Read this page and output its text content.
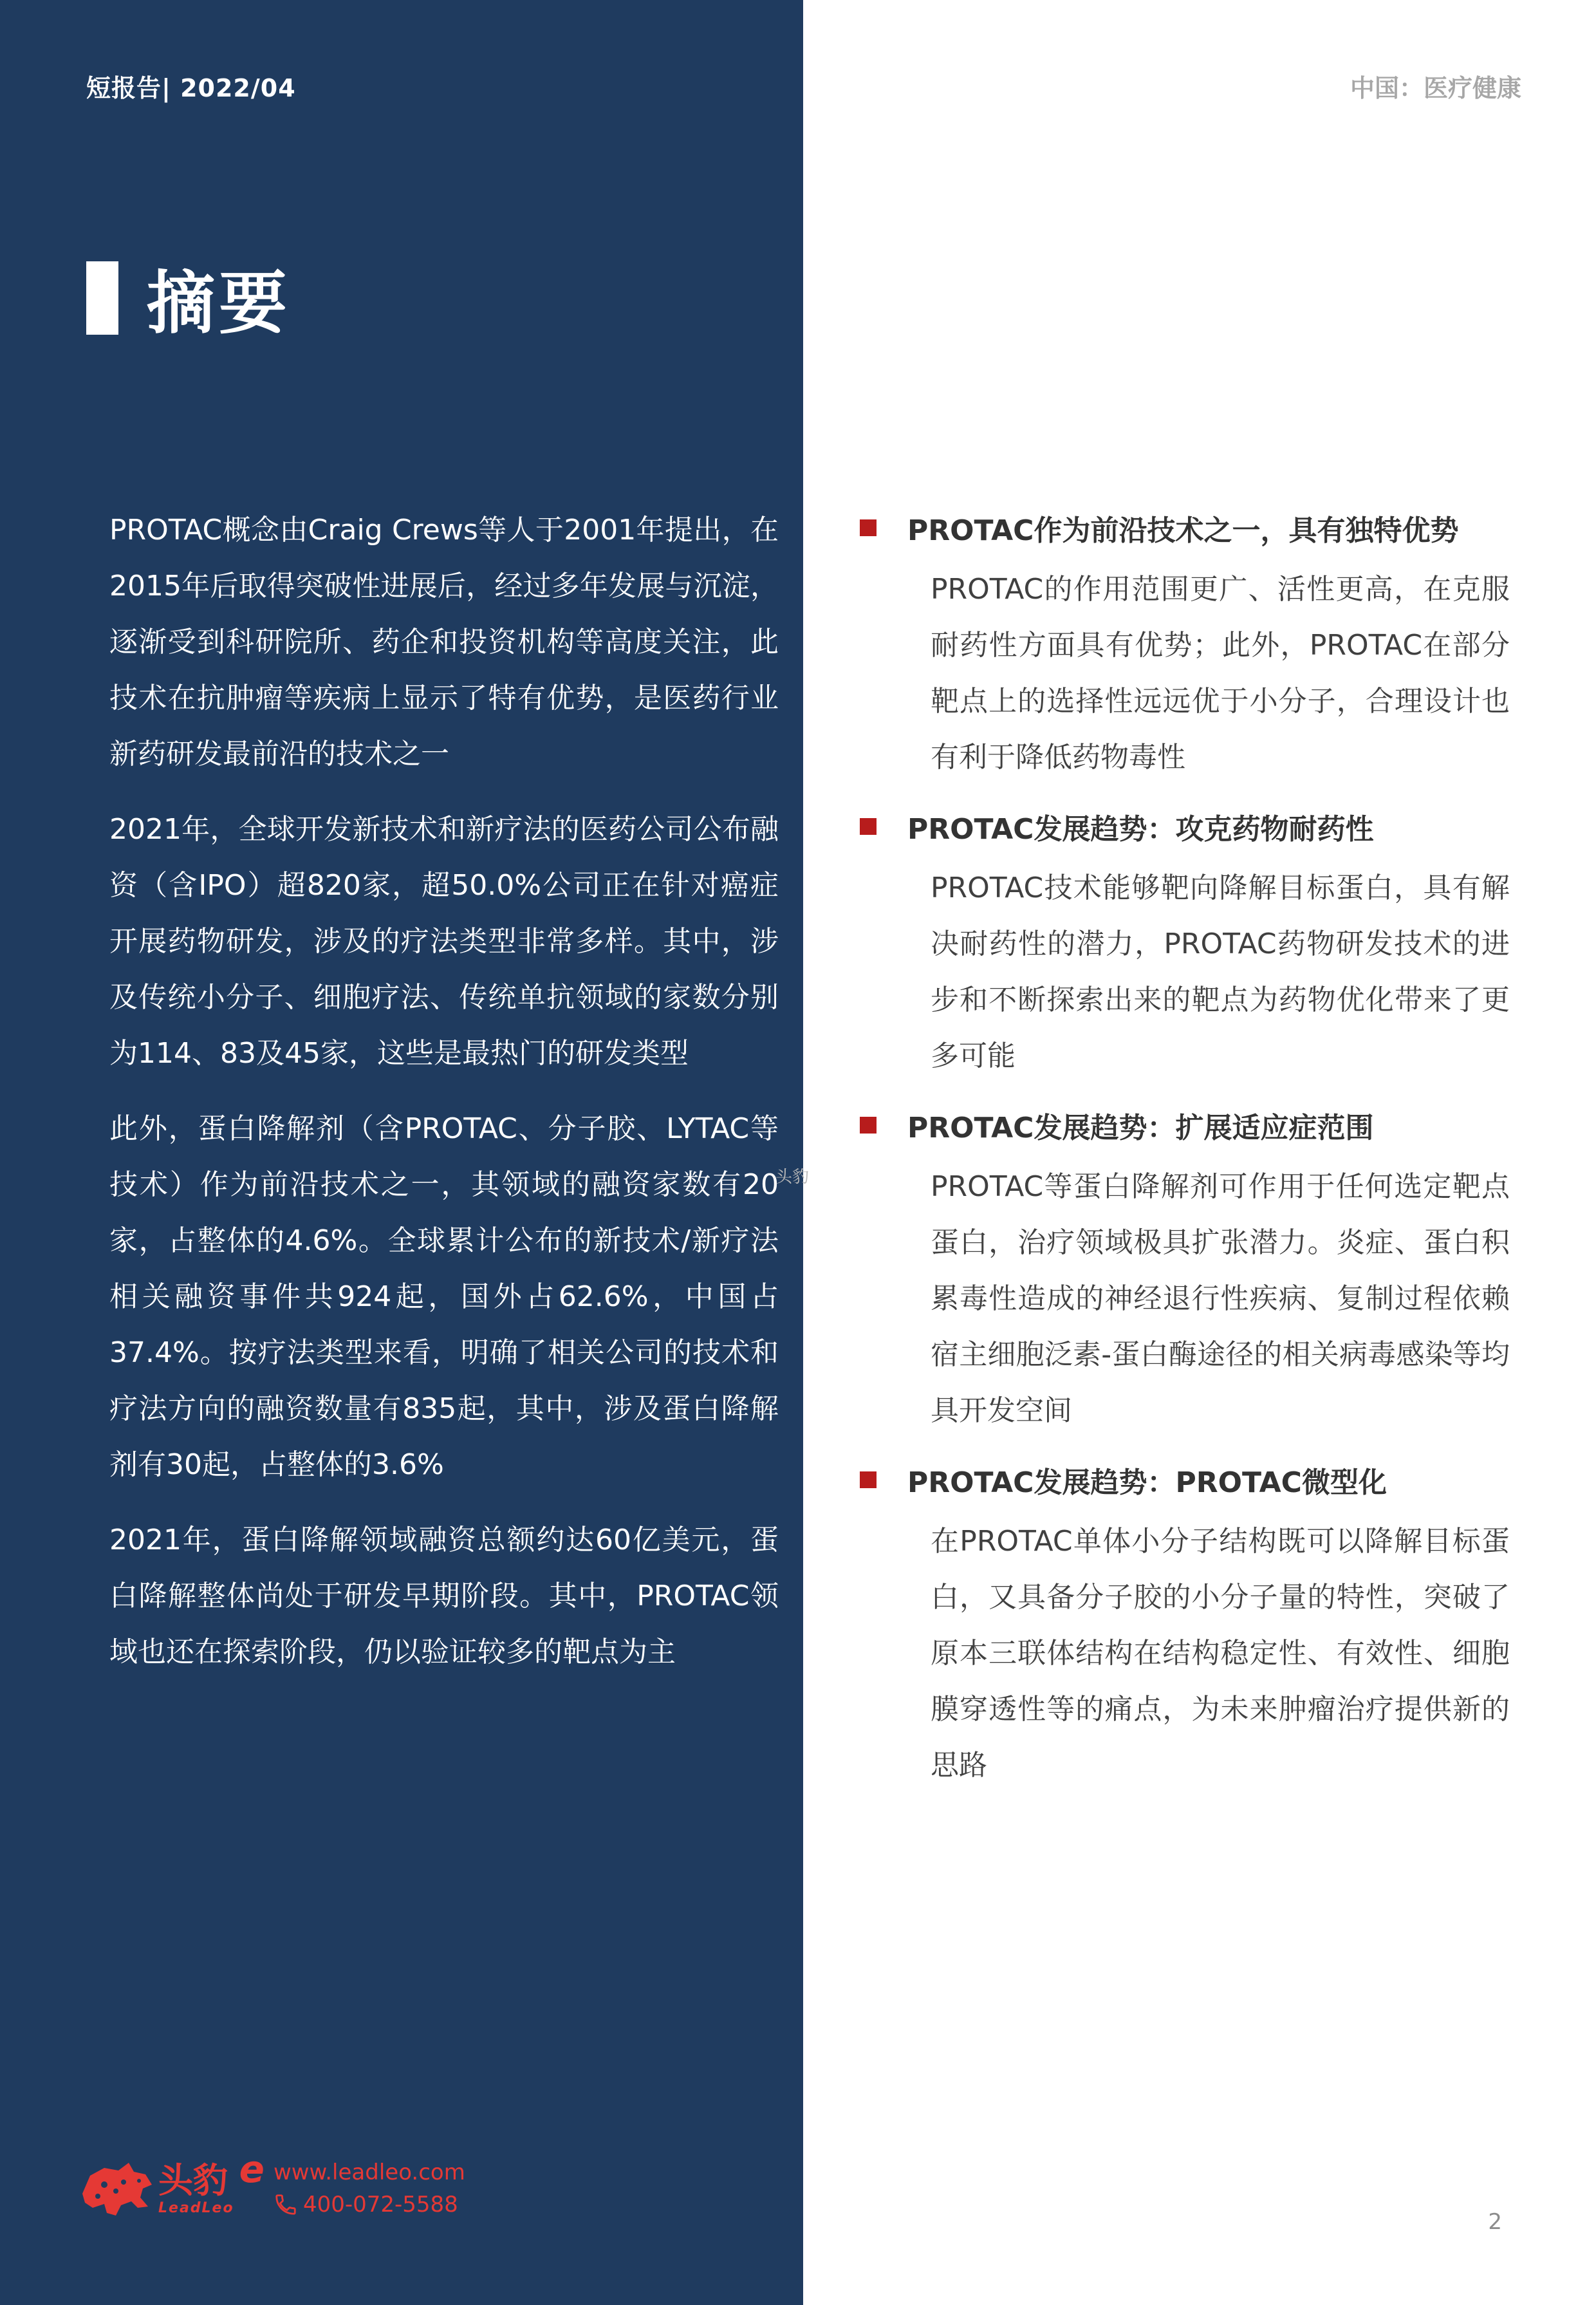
短报告| 2022/04	中国：医疗健康
摘要

PROTAC概念由Craig Crews等人于2001年提出，在2015年后取得突破性进展后，经过多年发展与沉淀，逐渐受到科研院所、药企和投资机构等高度关注，此技术在抗肿瘤等疾病上显示了特有优势，是医药行业新药研发最前沿的技术之一

2021年，全球开发新技术和新疗法的医药公司公布融资（含IPO）超820家，超50.0%公司正在针对癌症开展药物研发，涉及的疗法类型非常多样。其中，涉及传统小分子、细胞疗法、传统单抗领域的家数分别为114、83及45家，这些是最热门的研发类型

此外，蛋白降解剂（含PROTAC、分子胶、LYTAC等技术）作为前沿技术之一，其领域的融资家数有20家，占整体的4.6%。全球累计公布的新技术/新疗法相关融资事件共924起，国外占62.6%，中国占37.4%。按疗法类型来看，明确了相关公司的技术和疗法方向的融资数量有835起，其中，涉及蛋白降解剂有30起，占整体的3.6%

2021年，蛋白降解领域融资总额约达60亿美元，蛋白降解整体尚处于研发早期阶段。其中，PROTAC领域也还在探索阶段，仍以验证较多的靶点为主

头豹
PROTAC作为前沿技术之一，具有独特优势
PROTAC的作用范围更广、活性更高，在克服耐药性方面具有优势；此外，PROTAC在部分靶点上的选择性远远优于小分子，合理设计也有利于降低药物毒性
PROTAC发展趋势：攻克药物耐药性
PROTAC技术能够靶向降解目标蛋白，具有解决耐药性的潜力，PROTAC药物研发技术的进步和不断探索出来的靶点为药物优化带来了更多可能
PROTAC发展趋势：扩展适应症范围
PROTAC等蛋白降解剂可作用于任何选定靶点蛋白，治疗领域极具扩张潜力。炎症、蛋白积累毒性造成的神经退行性疾病、复制过程依赖宿主细胞泛素-蛋白酶途径的相关病毒感染等均具开发空间
PROTAC发展趋势：PROTAC微型化
在PROTAC单体小分子结构既可以降解目标蛋白，又具备分子胶的小分子量的特性，突破了原本三联体结构在结构稳定性、有效性、细胞膜穿透性等的痛点，为未来肿瘤治疗提供新的思路
头豹
LeadLeo
e www.leadleo.com
400-072-5588
2
